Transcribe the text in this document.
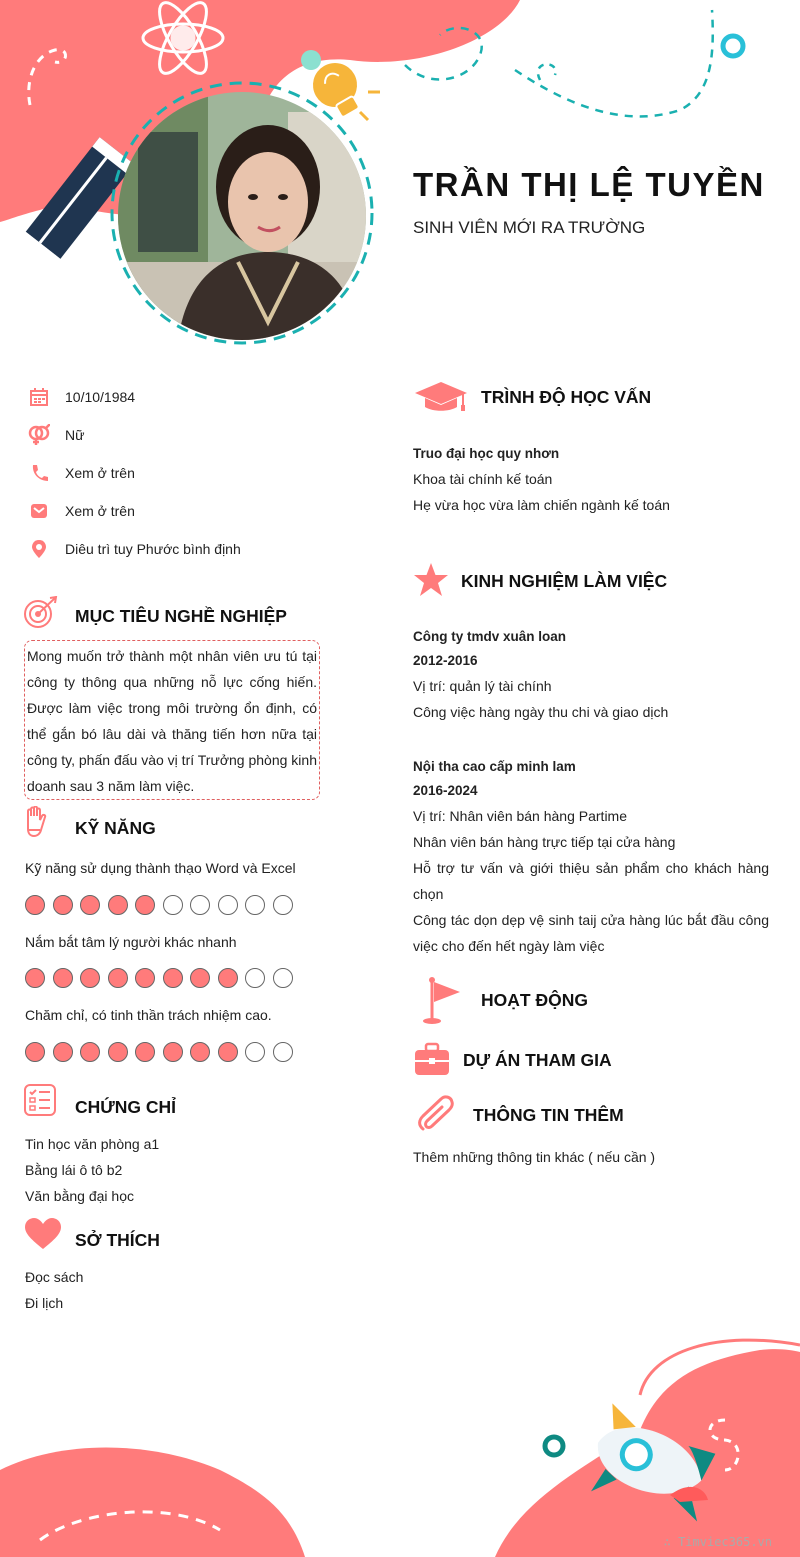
TRẦN THỊ LỆ TUYỀN
SINH VIÊN MỚI RA TRƯỜNG
10/10/1984
Nữ
Xem ở trên
Xem ở trên
Diêu trì tuy Phước bình định
MỤC TIÊU NGHỀ NGHIỆP
Mong muốn trở thành một nhân viên ưu tú tại công ty thông qua những nỗ lực cống hiến. Được làm việc trong môi trường ổn định, có thể gắn bó lâu dài và thăng tiến hơn nữa tại công ty, phấn đấu vào vị trí Trưởng phòng kinh doanh sau 3 năm làm việc.
KỸ NĂNG
Kỹ năng sử dụng thành thạo Word và Excel
Nắm bắt tâm lý người khác nhanh
Chăm chỉ, có tinh thần trách nhiệm cao.
CHỨNG CHỈ
Tin học văn phòng a1
Bằng lái ô tô b2
Văn bằng đại học
SỞ THÍCH
Đọc sách
Đi lịch
TRÌNH ĐỘ HỌC VẤN
Truo đại học quy nhơn
Khoa tài chính kế toán
Hẹ vừa học vừa làm chiến ngành kế toán
KINH NGHIỆM LÀM VIỆC
Công ty tmdv xuân loan
2012-2016
Vị trí: quản lý tài chính
Công việc hàng ngày thu chi và giao dịch
Nội tha cao cấp minh lam
2016-2024
Vị trí: Nhân viên bán hàng Partime
Nhân viên bán hàng trực tiếp tại cửa hàng
Hỗ trợ tư vấn và giới thiệu sản phẩm cho khách hàng chọn
Công tác dọn dẹp vệ sinh taij cửa hàng lúc bắt đầu công việc cho đến hết ngày làm việc
HOẠT ĐỘNG
DỰ ÁN THAM GIA
THÔNG TIN THÊM
Thêm những thông tin khác ( nếu cần )
∴ Timviec365.vn
